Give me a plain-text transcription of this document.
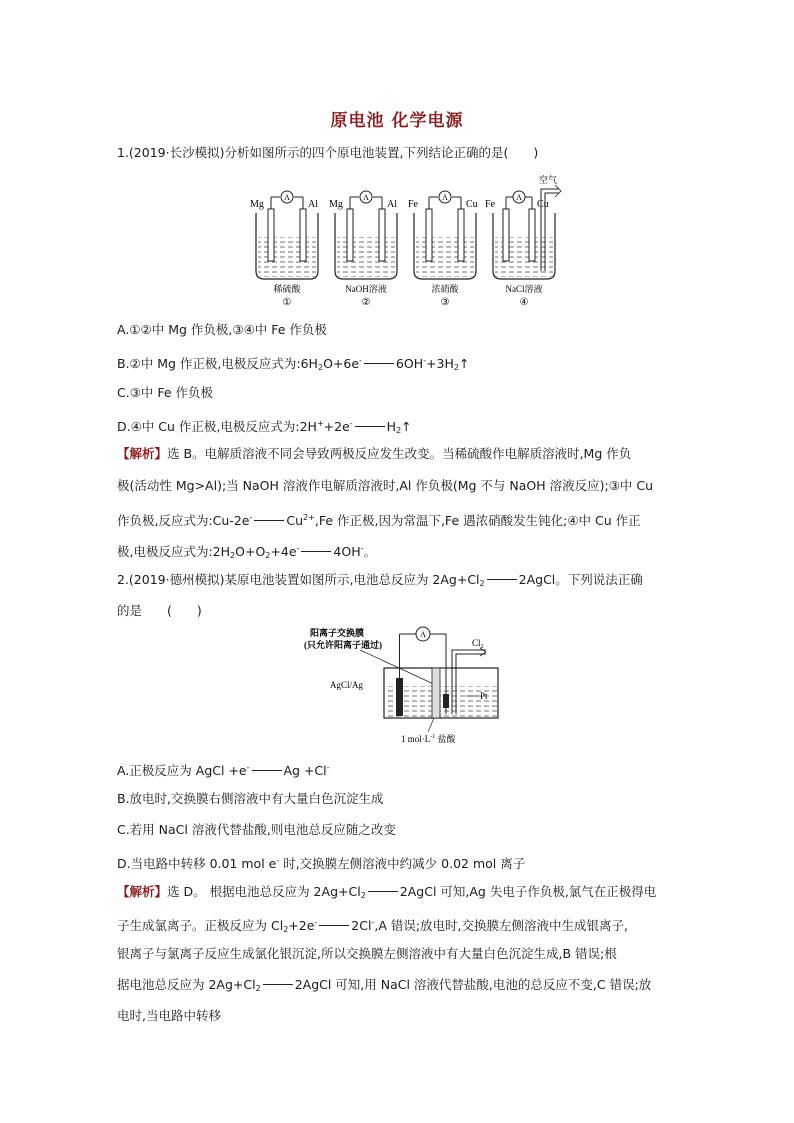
原电池 化学电源
1.(2019·长沙模拟)分析如图所示的四个原电池装置,下列结论正确的是(　　)
A
Mg	Al
稀硫酸
①
A
Mg	Al
NaOH溶液
②
A
Fe	Cu
浓硝酸
③
A
空气
Fe	Cu
NaCl溶液
④
A.①②中 Mg 作负极,③④中 Fe 作负极
B.②中 Mg 作正极,电极反应式为$:6H_2O+6e^-$	$6OH^-+3H_2↑$
C.③中 Fe 作负极
D.④中 Cu 作正极,电极反应式为:2H++2e-	$H_2↑$
【解析】选 B。电解质溶液不同会导致两极反应发生改变。当稀硫酸作电解质溶液时,Mg 作负
极(活动性 Mg>Al);当 NaOH 溶液作电解质溶液时,Al 作负极(Mg 不与 NaOH 溶液反应);③中 Cu
作负极,反应式为:Cu-2e-	$Cu^{2+},Fe$ 作正极,因为常温下,Fe 遇浓硝酸发生钝化;④中 Cu 作正
极,电极反应式为$:2H_2O+O_2+4e^-$	4OH-。
2.(2019·德州模拟)某原电池装置如图所示,电池总反应为 $2Ag+Cl_2$	2AgCl。下列说法正确
的是　　(　　)
阳离子交换膜
(只允许阳离子通过)
A
$Cl_2$
AgCl/Ag
Pt
1 $mol\cdot L^{-1}$ 盐酸
A.正极反应为 AgCl +e-	Ag +Cl-
B.放电时,交换膜右侧溶液中有大量白色沉淀生成
C.若用 NaCl 溶液代替盐酸,则电池总反应随之改变
D.当电路中转移 0.01 mol e- 时,交换膜左侧溶液中约减少 0.02 mol 离子
【解析】选 D。 根据电池总反应为 $2Ag+Cl_2$	2AgCl 可知,Ag 失电子作负极,氯气在正极得电
子生成氯离子。正极反应为 $Cl_2+2e^-$	2Cl-,A 错误;放电时,交换膜左侧溶液中生成银离子,
银离子与氯离子反应生成氯化银沉淀,所以交换膜左侧溶液中有大量白色沉淀生成,B 错误;根
据电池总反应为 $2Ag+Cl_2$	2AgCl 可知,用 NaCl 溶液代替盐酸,电池的总反应不变,C 错误;放
电时,当电路中转移
